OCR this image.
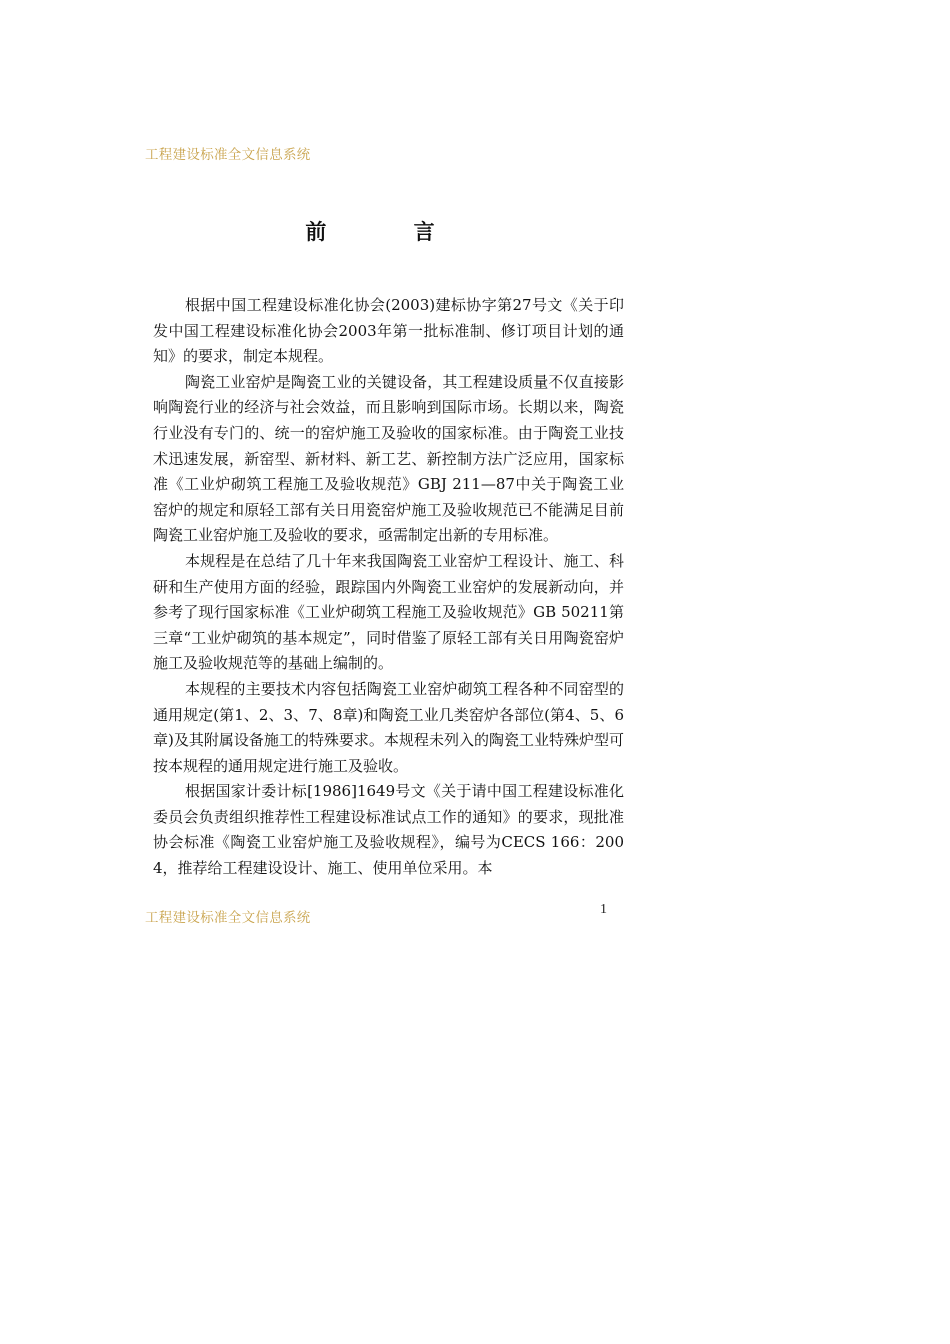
工程建设标准全文信息系统
前 言

根据中国工程建设标准化协会(2003)建标协字第27号文《关于印发中国工程建设标准化协会2003年第一批标准制、修订项目计划的通知》的要求，制定本规程。

陶瓷工业窑炉是陶瓷工业的关键设备，其工程建设质量不仅直接影响陶瓷行业的经济与社会效益，而且影响到国际市场。长期以来，陶瓷行业没有专门的、统一的窑炉施工及验收的国家标准。由于陶瓷工业技术迅速发展，新窑型、新材料、新工艺、新控制方法广泛应用，国家标准《工业炉砌筑工程施工及验收规范》GBJ 211—87中关于陶瓷工业窑炉的规定和原轻工部有关日用瓷窑炉施工及验收规范已不能满足目前陶瓷工业窑炉施工及验收的要求，亟需制定出新的专用标准。

本规程是在总结了几十年来我国陶瓷工业窑炉工程设计、施工、科研和生产使用方面的经验，跟踪国内外陶瓷工业窑炉的发展新动向，并参考了现行国家标准《工业炉砌筑工程施工及验收规范》GB 50211第三章“工业炉砌筑的基本规定”，同时借鉴了原轻工部有关日用陶瓷窑炉施工及验收规范等的基础上编制的。

本规程的主要技术内容包括陶瓷工业窑炉砌筑工程各种不同窑型的通用规定(第1、2、3、7、8章)和陶瓷工业几类窑炉各部位(第4、5、6章)及其附属设备施工的特殊要求。本规程未列入的陶瓷工业特殊炉型可按本规程的通用规定进行施工及验收。

根据国家计委计标[1986]1649号文《关于请中国工程建设标准化委员会负责组织推荐性工程建设标准试点工作的通知》的要求，现批准协会标准《陶瓷工业窑炉施工及验收规程》，编号为CECS 166：2004，推荐给工程建设设计、施工、使用单位采用。本

工程建设标准全文信息系统
1
